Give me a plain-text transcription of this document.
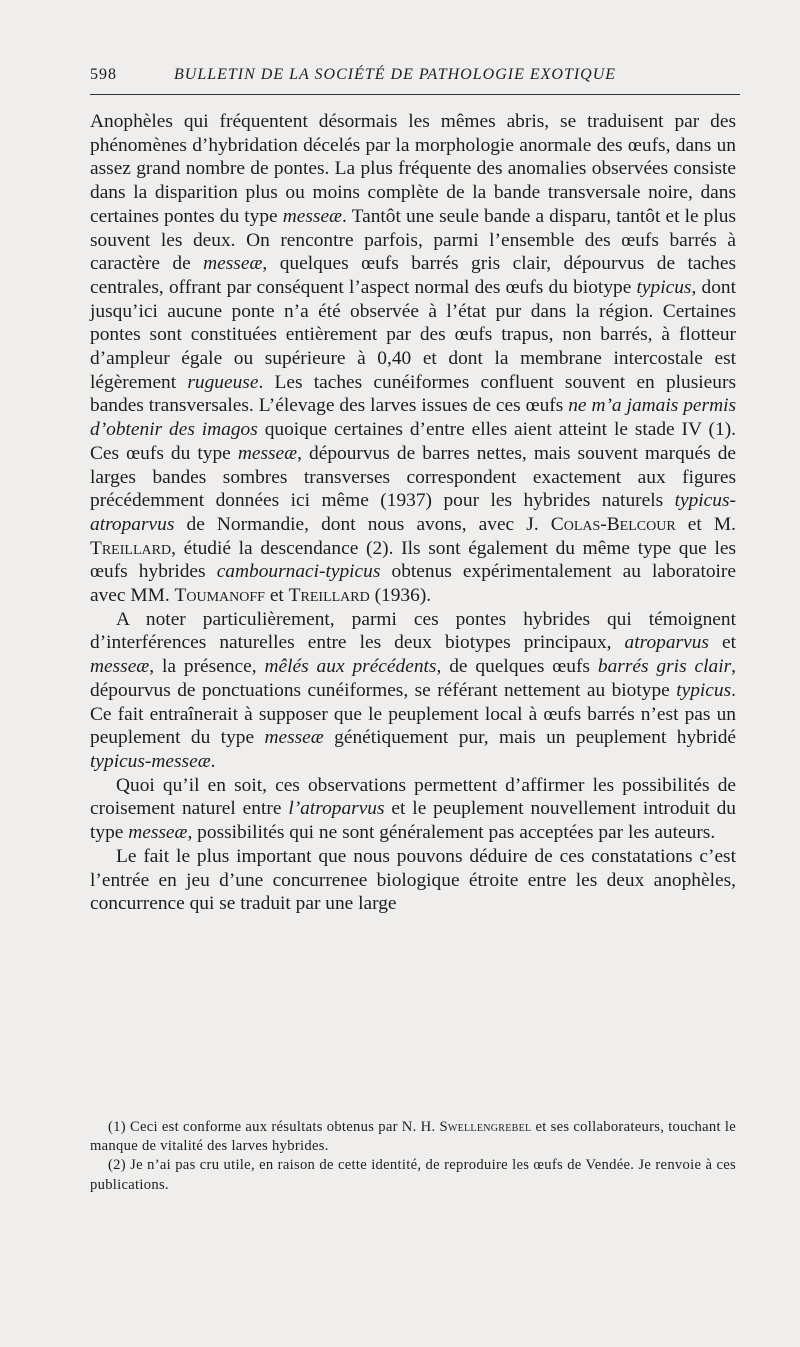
598	BULLETIN DE LA SOCIÉTÉ DE PATHOLOGIE EXOTIQUE

Anophèles qui fréquentent désormais les mêmes abris, se traduisent par des phénomènes d’hybridation décelés par la morphologie anormale des œufs, dans un assez grand nombre de pontes. La plus fréquente des anomalies observées consiste dans la disparition plus ou moins complète de la bande transversale noire, dans certaines pontes du type messeæ. Tantôt une seule bande a disparu, tantôt et le plus souvent les deux. On rencontre parfois, parmi l’ensemble des œufs barrés à caractère de messeæ, quelques œufs barrés gris clair, dépourvus de taches centrales, offrant par conséquent l’aspect normal des œufs du biotype typicus, dont jusqu’ici aucune ponte n’a été observée à l’état pur dans la région. Certaines pontes sont constituées entièrement par des œufs trapus, non barrés, à flotteur d’ampleur égale ou supérieure à 0,40 et dont la membrane intercostale est légèrement rugueuse. Les taches cunéiformes confluent souvent en plusieurs bandes transversales. L’élevage des larves issues de ces œufs ne m’a jamais permis d’obtenir des imagos quoique certaines d’entre elles aient atteint le stade IV (1). Ces œufs du type messeæ, dépourvus de barres nettes, mais souvent marqués de larges bandes sombres transverses correspondent exactement aux figures précédemment données ici même (1937) pour les hybrides naturels typicus-atroparvus de Normandie, dont nous avons, avec J. Colas-Belcour et M. Treillard, étudié la descendance (2). Ils sont également du même type que les œufs hybrides cambournaci-typicus obtenus expérimentalement au laboratoire avec MM. Toumanoff et Treillard (1936).

A noter particulièrement, parmi ces pontes hybrides qui témoignent d’interférences naturelles entre les deux biotypes principaux, atroparvus et messeæ, la présence, mêlés aux précédents, de quelques œufs barrés gris clair, dépourvus de ponctuations cunéiformes, se référant nettement au biotype typicus. Ce fait entraînerait à supposer que le peuplement local à œufs barrés n’est pas un peuplement du type messeæ génétiquement pur, mais un peuplement hybridé typicus-messeæ.

Quoi qu’il en soit, ces observations permettent d’affirmer les possibilités de croisement naturel entre l’atroparvus et le peuplement nouvellement introduit du type messeæ, possibilités qui ne sont généralement pas acceptées par les auteurs.

Le fait le plus important que nous pouvons déduire de ces constatations c’est l’entrée en jeu d’une concurrenee biologique étroite entre les deux anophèles, concurrence qui se traduit par une large

(1) Ceci est conforme aux résultats obtenus par N. H. Swellengrebel et ses collaborateurs, touchant le manque de vitalité des larves hybrides.

(2) Je n’ai pas cru utile, en raison de cette identité, de reproduire les œufs de Vendée. Je renvoie à ces publications.
